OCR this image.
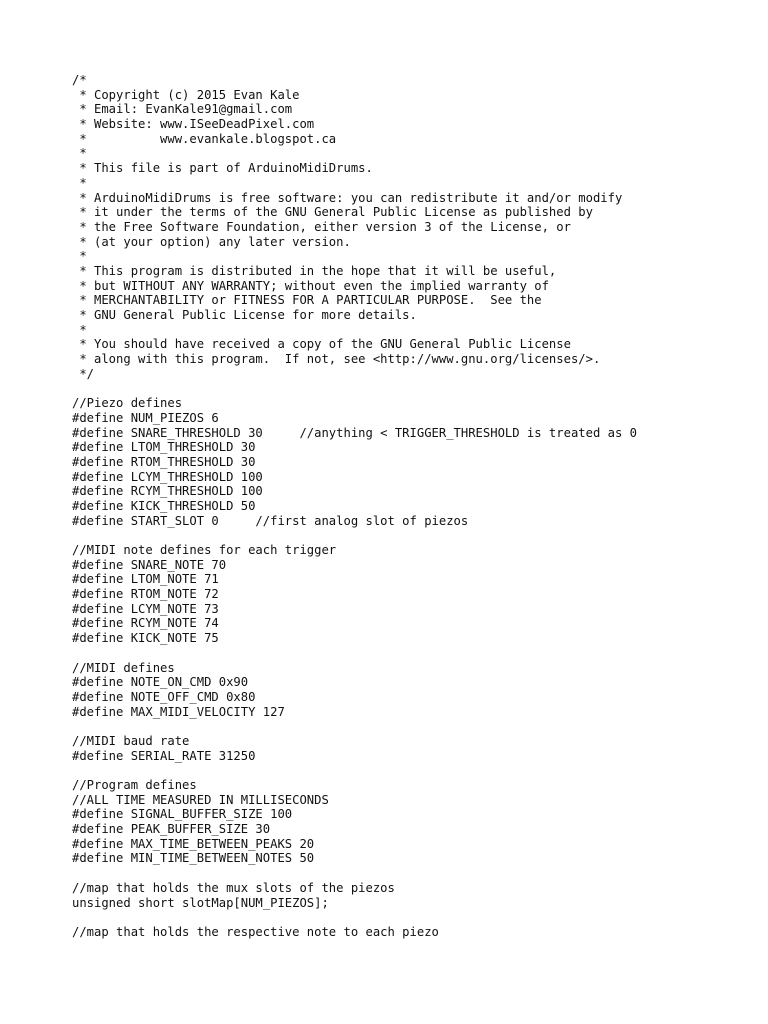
/*
* Copyright (c) 2015 Evan Kale
* Email: EvanKale91@gmail.com
* Website: www.ISeeDeadPixel.com
*          www.evankale.blogspot.ca
*
* This file is part of ArduinoMidiDrums.
*
* ArduinoMidiDrums is free software: you can redistribute it and/or modify
* it under the terms of the GNU General Public License as published by
* the Free Software Foundation, either version 3 of the License, or
* (at your option) any later version.
*
* This program is distributed in the hope that it will be useful,
* but WITHOUT ANY WARRANTY; without even the implied warranty of
* MERCHANTABILITY or FITNESS FOR A PARTICULAR PURPOSE.  See the
* GNU General Public License for more details.
*
* You should have received a copy of the GNU General Public License
* along with this program.  If not, see <http://www.gnu.org/licenses/>.
*/
//Piezo defines
#define NUM_PIEZOS 6
#define SNARE_THRESHOLD 30     //anything < TRIGGER_THRESHOLD is treated as 0
#define LTOM_THRESHOLD 30
#define RTOM_THRESHOLD 30
#define LCYM_THRESHOLD 100
#define RCYM_THRESHOLD 100
#define KICK_THRESHOLD 50
#define START_SLOT 0     //first analog slot of piezos
//MIDI note defines for each trigger
#define SNARE_NOTE 70
#define LTOM_NOTE 71
#define RTOM_NOTE 72
#define LCYM_NOTE 73
#define RCYM_NOTE 74
#define KICK_NOTE 75
//MIDI defines
#define NOTE_ON_CMD 0x90
#define NOTE_OFF_CMD 0x80
#define MAX_MIDI_VELOCITY 127
//MIDI baud rate
#define SERIAL_RATE 31250
//Program defines
//ALL TIME MEASURED IN MILLISECONDS
#define SIGNAL_BUFFER_SIZE 100
#define PEAK_BUFFER_SIZE 30
#define MAX_TIME_BETWEEN_PEAKS 20
#define MIN_TIME_BETWEEN_NOTES 50
//map that holds the mux slots of the piezos
unsigned short slotMap[NUM_PIEZOS];
//map that holds the respective note to each piezo
